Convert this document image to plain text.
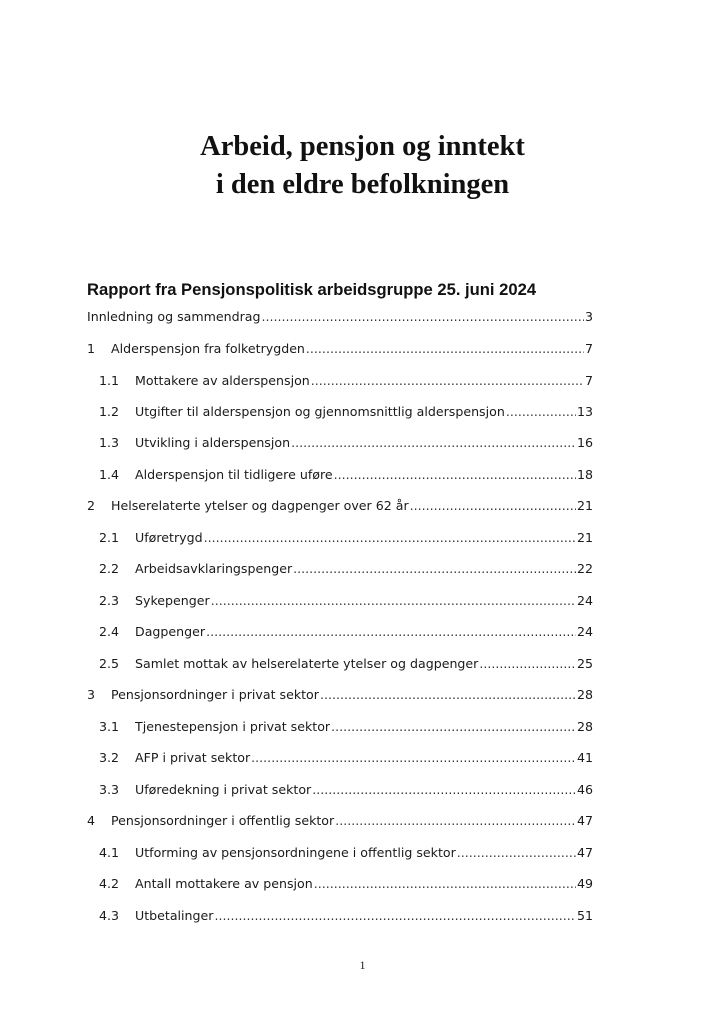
Arbeid, pensjon og inntekt
i den eldre befolkningen
Rapport fra Pensjonspolitisk arbeidsgruppe 25. juni 2024
Innledning og sammendrag .....	3
1 Alderspensjon fra folketrygden .....	7
1.1 Mottakere av alderspensjon .....	7
1.2 Utgifter til alderspensjon og gjennomsnittlig alderspensjon .....	13
1.3 Utvikling i alderspensjon .....	16
1.4 Alderspensjon til tidligere uføre .....	18
2 Helserelaterte ytelser og dagpenger over 62 år .....	21
2.1 Uføretrygd .....	21
2.2 Arbeidsavklaringspenger .....	22
2.3 Sykepenger .....	24
2.4 Dagpenger .....	24
2.5 Samlet mottak av helserelaterte ytelser og dagpenger .....	25
3 Pensjonsordninger i privat sektor .....	28
3.1 Tjenestepensjon i privat sektor .....	28
3.2 AFP i privat sektor .....	41
3.3 Uføredekning i privat sektor .....	46
4 Pensjonsordninger i offentlig sektor .....	47
4.1 Utforming av pensjonsordningene i offentlig sektor .....	47
4.2 Antall mottakere av pensjon .....	49
4.3 Utbetalinger .....	51
1
